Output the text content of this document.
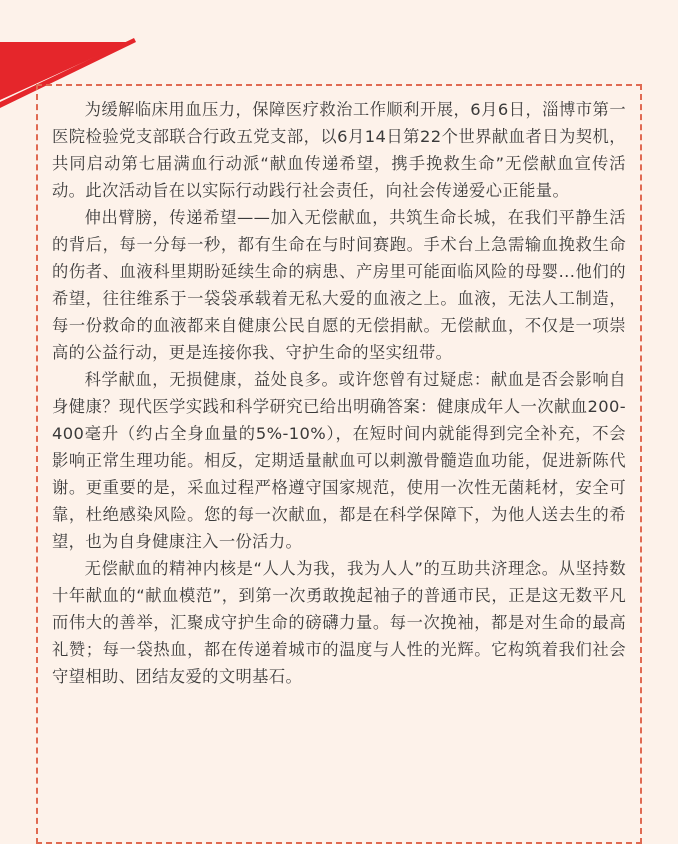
为缓解临床用血压力，保障医疗救治工作顺利开展，6月6日，淄博市第一医院检验党支部联合行政五党支部，以6月14日第22个世界献血者日为契机，共同启动第七届满血行动派“献血传递希望，携手挽救生命”无偿献血宣传活动。此次活动旨在以实际行动践行社会责任，向社会传递爱心正能量。

伸出臂膀，传递希望——加入无偿献血，共筑生命长城，在我们平静生活的背后，每一分每一秒，都有生命在与时间赛跑。手术台上急需输血挽救生命的伤者、血液科里期盼延续生命的病患、产房里可能面临风险的母婴...他们的希望，往往维系于一袋袋承载着无私大爱的血液之上。血液，无法人工制造，每一份救命的血液都来自健康公民自愿的无偿捐献。无偿献血，不仅是一项崇高的公益行动，更是连接你我、守护生命的坚实纽带。

科学献血，无损健康，益处良多。或许您曾有过疑虑：献血是否会影响自身健康？现代医学实践和科学研究已给出明确答案：健康成年人一次献血200-400毫升（约占全身血量的5%-10%），在短时间内就能得到完全补充，不会影响正常生理功能。相反，定期适量献血可以刺激骨髓造血功能，促进新陈代谢。更重要的是，采血过程严格遵守国家规范，使用一次性无菌耗材，安全可靠，杜绝感染风险。您的每一次献血，都是在科学保障下，为他人送去生的希望，也为自身健康注入一份活力。

无偿献血的精神内核是“人人为我，我为人人”的互助共济理念。从坚持数十年献血的“献血模范”，到第一次勇敢挽起袖子的普通市民，正是这无数平凡而伟大的善举，汇聚成守护生命的磅礴力量。每一次挽袖，都是对生命的最高礼赞；每一袋热血，都在传递着城市的温度与人性的光辉。它构筑着我们社会守望相助、团结友爱的文明基石。
